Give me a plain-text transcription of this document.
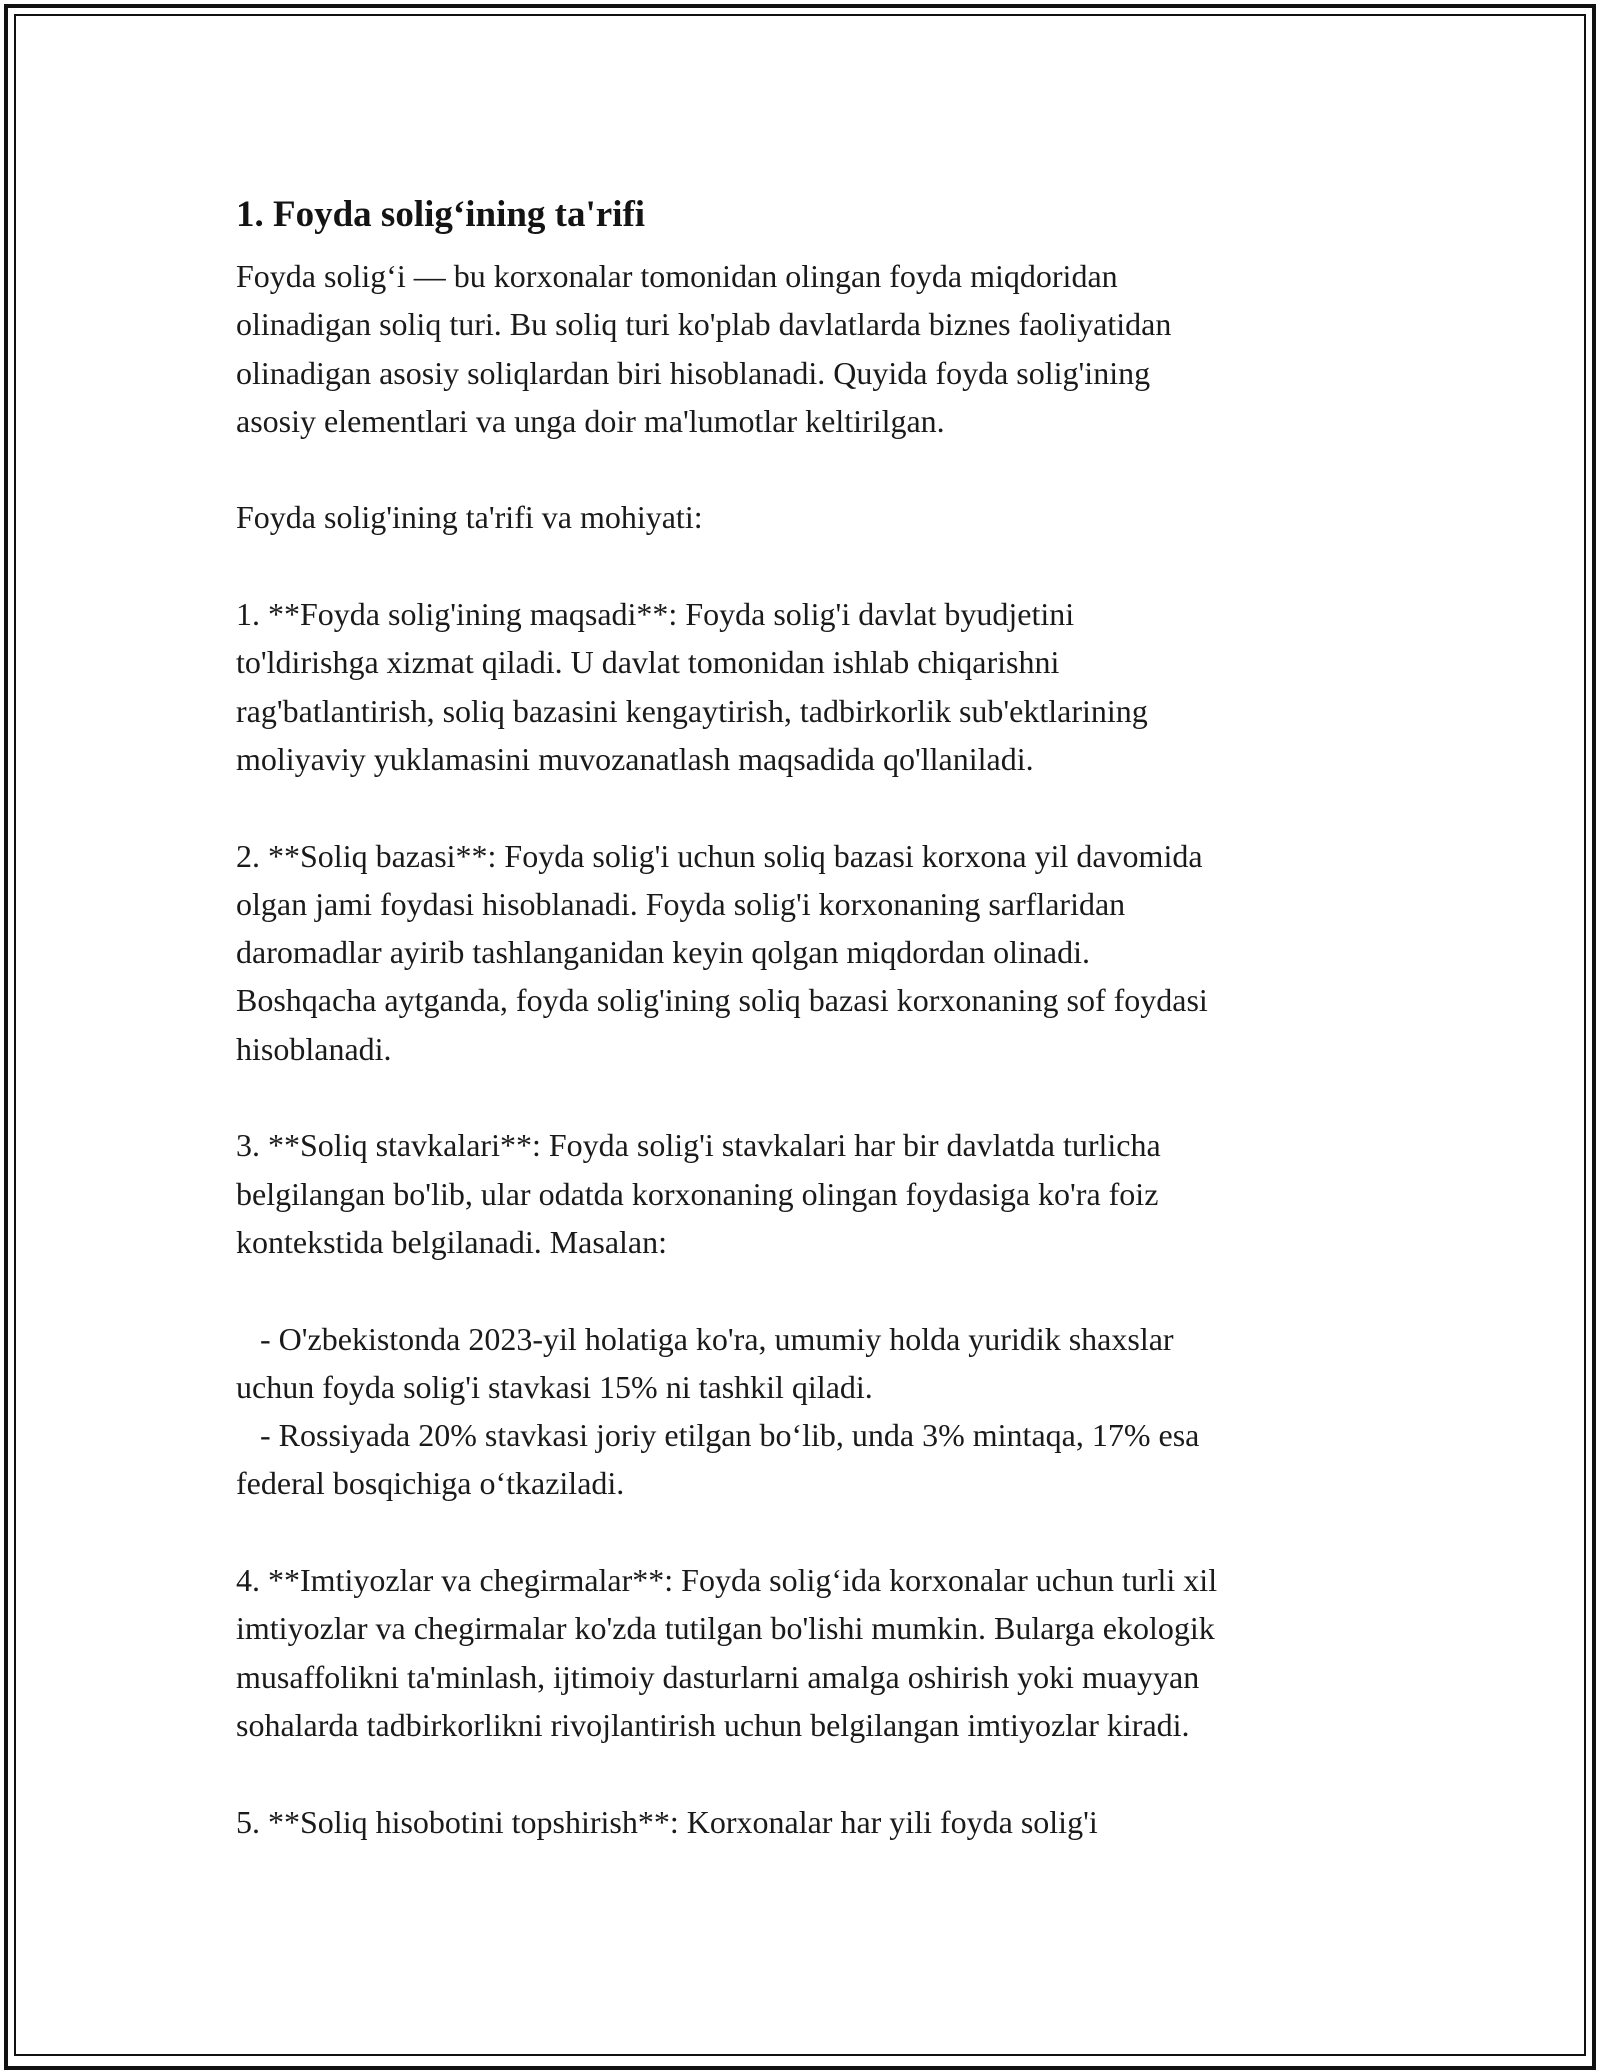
1. Foyda solig‘ining ta'rifi
Foyda solig‘i — bu korxonalar tomonidan olingan foyda miqdoridan
olinadigan soliq turi. Bu soliq turi ko'plab davlatlarda biznes faoliyatidan
olinadigan asosiy soliqlardan biri hisoblanadi. Quyida foyda solig'ining
asosiy elementlari va unga doir ma'lumotlar keltirilgan.
Foyda solig'ining ta'rifi va mohiyati:
1. **Foyda solig'ining maqsadi**: Foyda solig'i davlat byudjetini
to'ldirishga xizmat qiladi. U davlat tomonidan ishlab chiqarishni
rag'batlantirish, soliq bazasini kengaytirish, tadbirkorlik sub'ektlarining
moliyaviy yuklamasini muvozanatlash maqsadida qo'llaniladi.
2. **Soliq bazasi**: Foyda solig'i uchun soliq bazasi korxona yil davomida
olgan jami foydasi hisoblanadi. Foyda solig'i korxonaning sarflaridan
daromadlar ayirib tashlanganidan keyin qolgan miqdordan olinadi.
Boshqacha aytganda, foyda solig'ining soliq bazasi korxonaning sof foydasi
hisoblanadi.
3. **Soliq stavkalari**: Foyda solig'i stavkalari har bir davlatda turlicha
belgilangan bo'lib, ular odatda korxonaning olingan foydasiga ko'ra foiz
kontekstida belgilanadi. Masalan:
- O'zbekistonda 2023-yil holatiga ko'ra, umumiy holda yuridik shaxslar
uchun foyda solig'i stavkasi 15% ni tashkil qiladi.
- Rossiyada 20% stavkasi joriy etilgan bo‘lib, unda 3% mintaqa, 17% esa
federal bosqichiga o‘tkaziladi.
4. **Imtiyozlar va chegirmalar**: Foyda solig‘ida korxonalar uchun turli xil
imtiyozlar va chegirmalar ko'zda tutilgan bo'lishi mumkin. Bularga ekologik
musaffolikni ta'minlash, ijtimoiy dasturlarni amalga oshirish yoki muayyan
sohalarda tadbirkorlikni rivojlantirish uchun belgilangan imtiyozlar kiradi.
5. **Soliq hisobotini topshirish**: Korxonalar har yili foyda solig'i
